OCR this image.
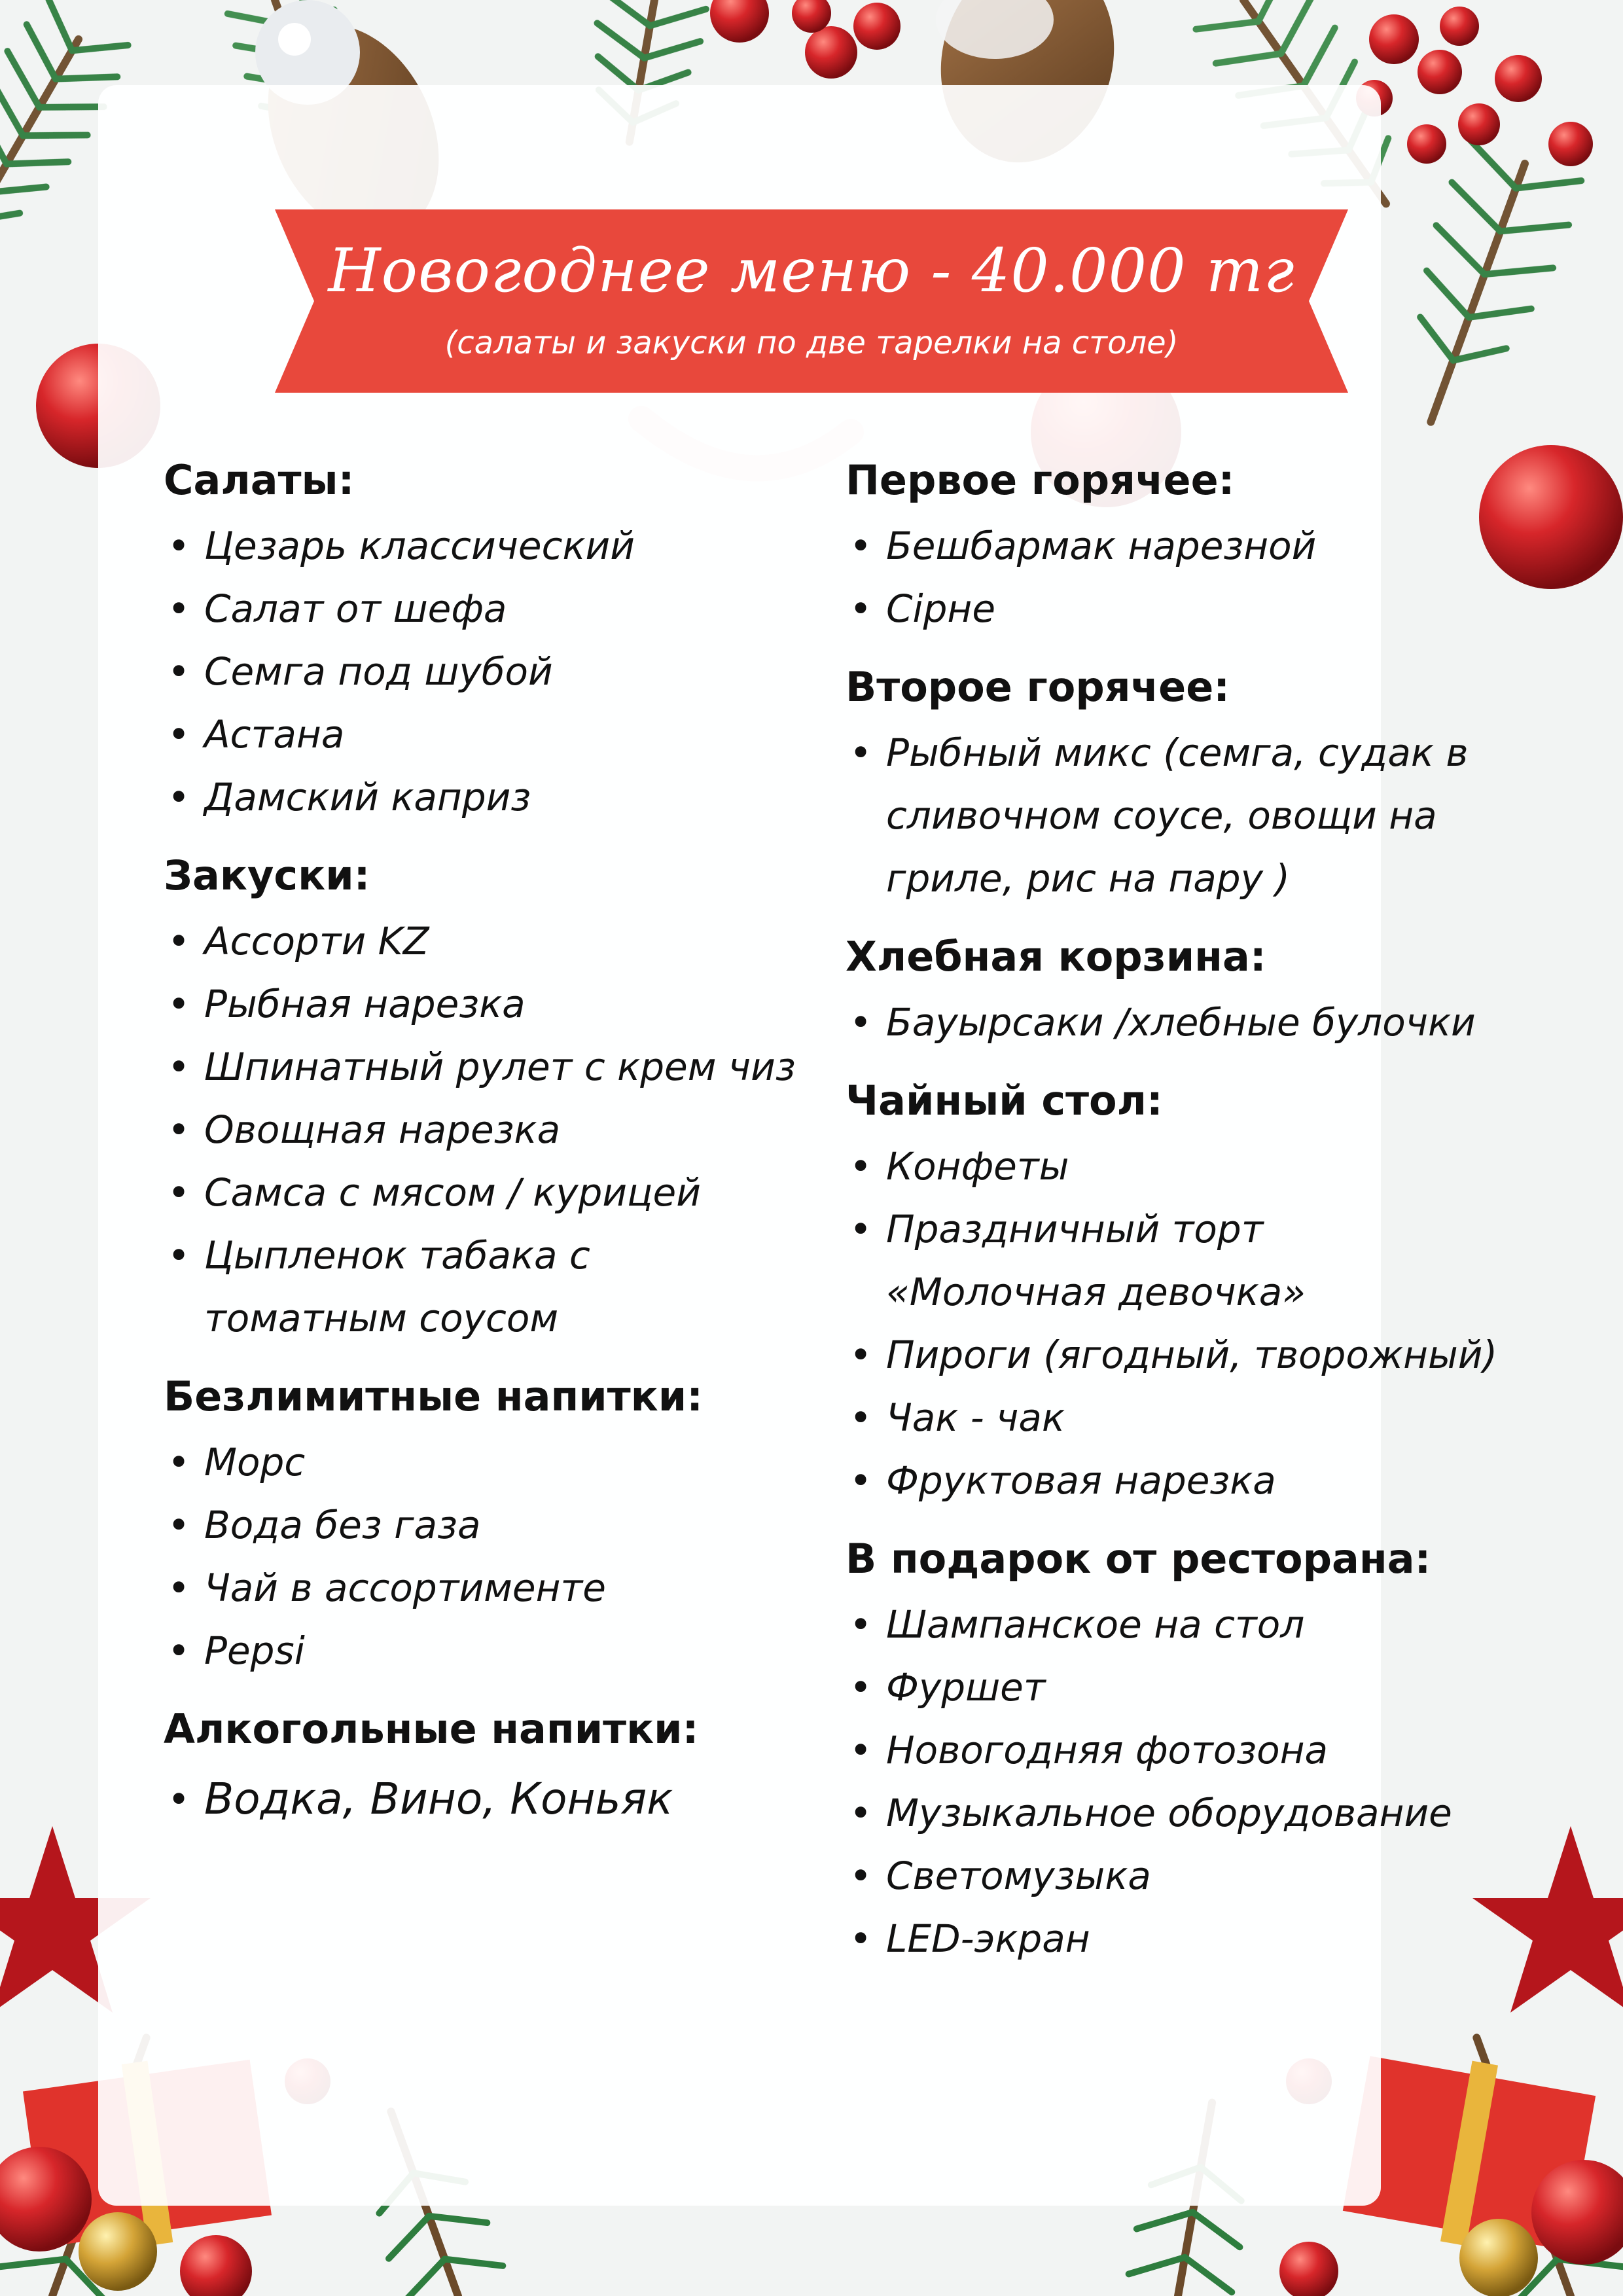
Новогоднее меню - 40.000 тг
(салаты и закуски по две тарелки на столе)
Салаты:
• Цезарь классический
• Салат от шефа
• Семга под шубой
• Астана
• Дамский каприз
Закуски:
• Ассорти KZ
• Рыбная нарезка
• Шпинатный рулет с крем чиз
• Овощная нарезка
• Самса с мясом / курицей
• Цыпленок табака с томатным соусом
Безлимитные напитки:
• Морс
• Вода без газа
• Чай в ассортименте
• Pepsi
Алкогольные напитки:
• Водка, Вино, Коньяк
Первое горячее:
• Бешбармак нарезной
• Сірне
Второе горячее:
• Рыбный микс (семга, судак в сливочном соусе, овощи на гриле, рис на пару )
Хлебная корзина:
• Бауырсаки /хлебные булочки
Чайный стол:
• Конфеты
• Праздничный торт «Молочная девочка»
• Пироги (ягодный, творожный)
• Чак - чак
• Фруктовая нарезка
В подарок от ресторана:
• Шампанское на стол
• Фуршет
• Новогодняя фотозона
• Музыкальное оборудование
• Светомузыка
• LED-экран
